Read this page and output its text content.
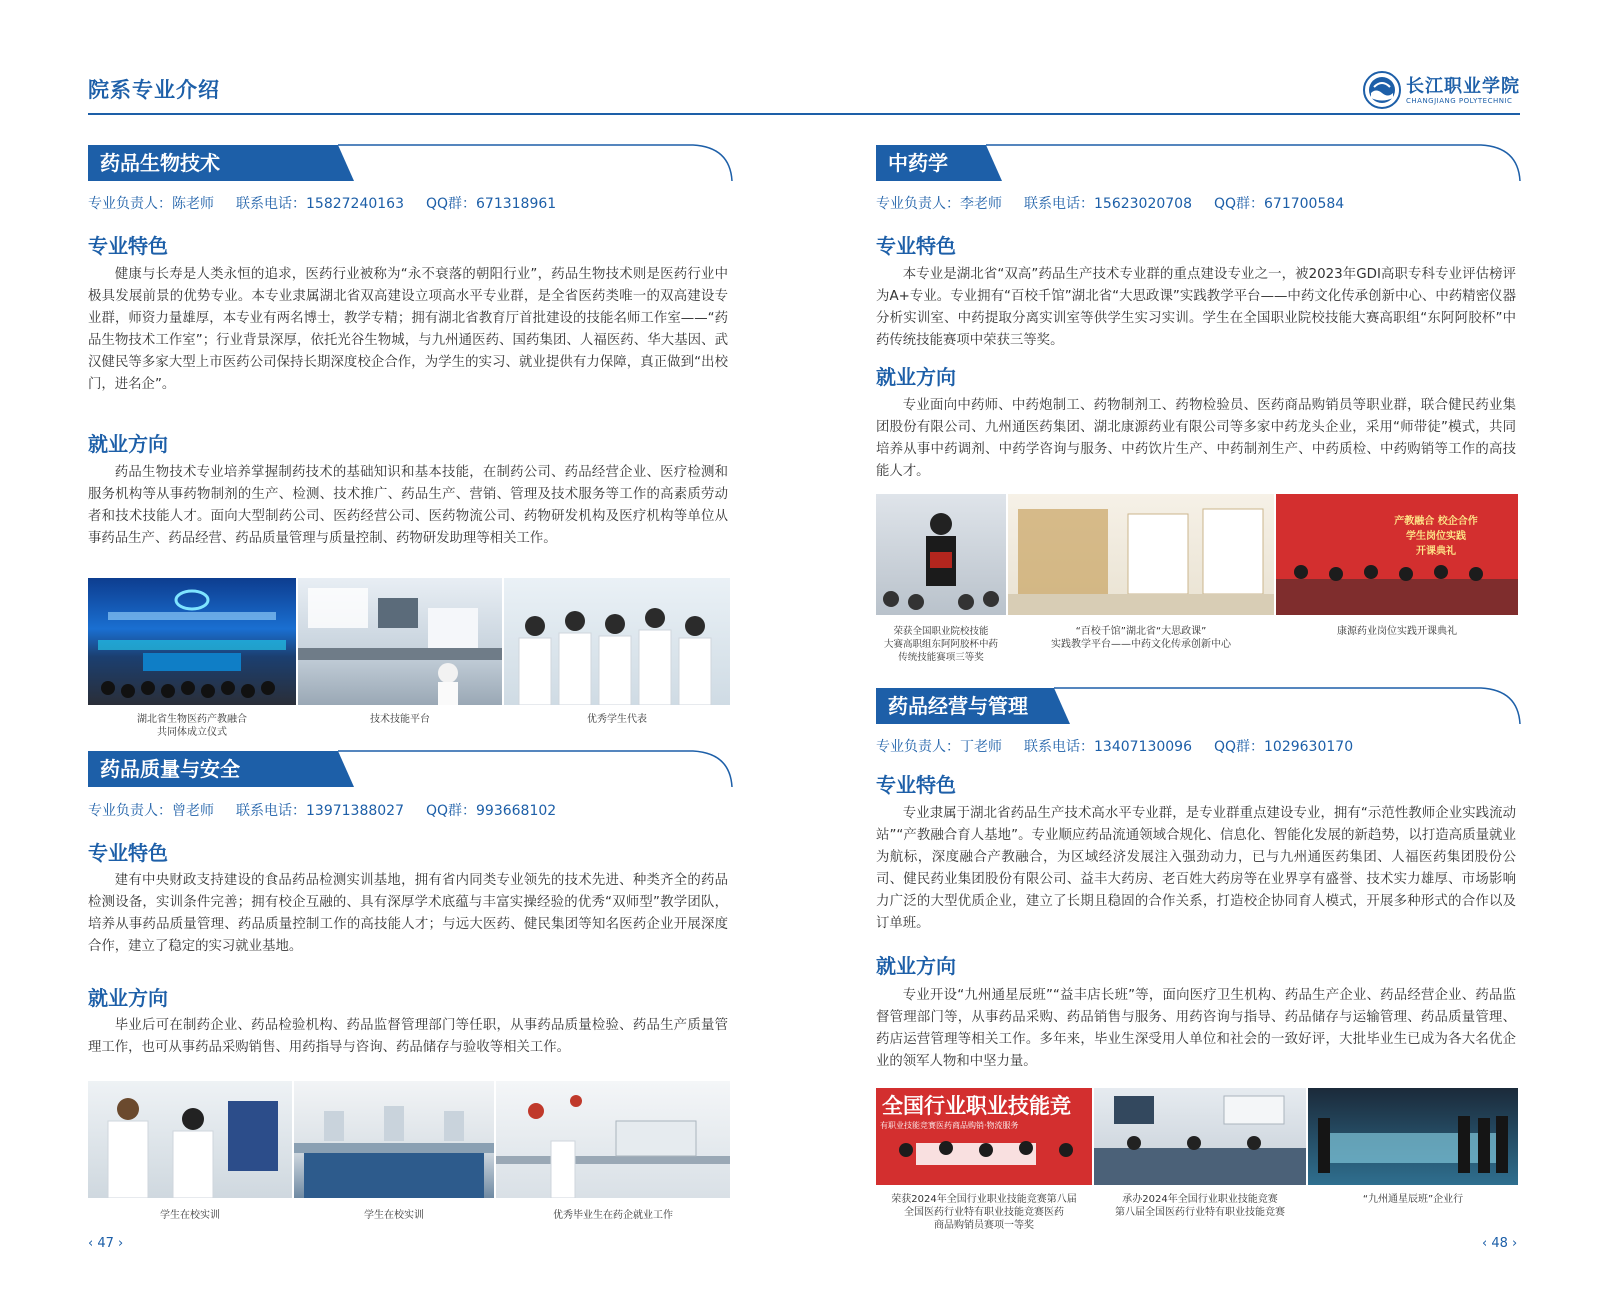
院系专业介绍	长江职业学院
CHANGJIANG POLYTECHNIC
药品生物技术
专业负责人：陈老师 联系电话：15827240163 QQ群：671318961
专业特色
健康与长寿是人类永恒的追求，医药行业被称为“永不衰落的朝阳行业”，药品生物技术则是医药行业中极具发展前景的优势专业。本专业隶属湖北省双高建设立项高水平专业群，是全省医药类唯一的双高建设专业群，师资力量雄厚，本专业有两名博士，教学专精；拥有湖北省教育厅首批建设的技能名师工作室——“药品生物技术工作室”；行业背景深厚，依托光谷生物城，与九州通医药、国药集团、人福医药、华大基因、武汉健民等多家大型上市医药公司保持长期深度校企合作，为学生的实习、就业提供有力保障，真正做到“出校门，进名企”。
就业方向
药品生物技术专业培养掌握制药技术的基础知识和基本技能，在制药公司、药品经营企业、医疗检测和服务机构等从事药物制剂的生产、检测、技术推广、药品生产、营销、管理及技术服务等工作的高素质劳动者和技术技能人才。面向大型制药公司、医药经营公司、医药物流公司、药物研发机构及医疗机构等单位从事药品生产、药品经营、药品质量管理与质量控制、药物研发助理等相关工作。
湖北省生物医药产教融合
共同体成立仪式
技术技能平台	优秀学生代表
药品质量与安全
专业负责人：曾老师 联系电话：13971388027 QQ群：993668102
专业特色
建有中央财政支持建设的食品药品检测实训基地，拥有省内同类专业领先的技术先进、种类齐全的药品检测设备，实训条件完善；拥有校企互融的、具有深厚学术底蕴与丰富实操经验的优秀“双师型”教学团队，培养从事药品质量管理、药品质量控制工作的高技能人才；与远大医药、健民集团等知名医药企业开展深度合作，建立了稳定的实习就业基地。
就业方向
毕业后可在制药企业、药品检验机构、药品监督管理部门等任职，从事药品质量检验、药品生产质量管理工作，也可从事药品采购销售、用药指导与咨询、药品储存与验收等相关工作。
学生在校实训	学生在校实训	优秀毕业生在药企就业工作
‹ 47 ›
中药学
专业负责人：李老师 联系电话：15623020708 QQ群：671700584
专业特色
本专业是湖北省“双高”药品生产技术专业群的重点建设专业之一，被2023年GDI高职专科专业评估榜评为A+专业。专业拥有“百校千馆”湖北省“大思政课”实践教学平台——中药文化传承创新中心、中药精密仪器分析实训室、中药提取分离实训室等供学生实习实训。学生在全国职业院校技能大赛高职组“东阿阿胶杯”中药传统技能赛项中荣获三等奖。
就业方向
专业面向中药师、中药炮制工、药物制剂工、药物检验员、医药商品购销员等职业群，联合健民药业集团股份有限公司、九州通医药集团、湖北康源药业有限公司等多家中药龙头企业，采用“师带徒”模式，共同培养从事中药调剂、中药学咨询与服务、中药饮片生产、中药制剂生产、中药质检、中药购销等工作的高技能人才。
产教融合 校企合作
学生岗位实践
开课典礼
荣获全国职业院校技能
大赛高职组东阿阿胶杯中药
传统技能赛项三等奖
“百校千馆”湖北省“大思政课”
实践教学平台——中药文化传承创新中心
康源药业岗位实践开课典礼
药品经营与管理
专业负责人：丁老师 联系电话：13407130096 QQ群：1029630170
专业特色
专业隶属于湖北省药品生产技术高水平专业群，是专业群重点建设专业，拥有“示范性教师企业实践流动站”“产教融合育人基地”。专业顺应药品流通领域合规化、信息化、智能化发展的新趋势，以打造高质量就业为航标，深度融合产教融合，为区域经济发展注入强劲动力，已与九州通医药集团、人福医药集团股份公司、健民药业集团股份有限公司、益丰大药房、老百姓大药房等在业界享有盛誉、技术实力雄厚、市场影响力广泛的大型优质企业，建立了长期且稳固的合作关系，打造校企协同育人模式，开展多种形式的合作以及订单班。
就业方向
专业开设“九州通星辰班”“益丰店长班”等，面向医疗卫生机构、药品生产企业、药品经营企业、药品监督管理部门等，从事药品采购、药品销售与服务、用药咨询与指导、药品储存与运输管理、药品质量管理、药店运营管理等相关工作。多年来，毕业生深受用人单位和社会的一致好评，大批毕业生已成为各大名优企业的领军人物和中坚力量。
全国行业职业技能竞
有职业技能竞赛医药商品购销·物流服务
荣获2024年全国行业职业技能竞赛第八届
全国医药行业特有职业技能竞赛医药
商品购销员赛项一等奖
承办2024年全国行业职业技能竞赛
第八届全国医药行业特有职业技能竞赛
“九州通星辰班”企业行
‹ 48 ›
